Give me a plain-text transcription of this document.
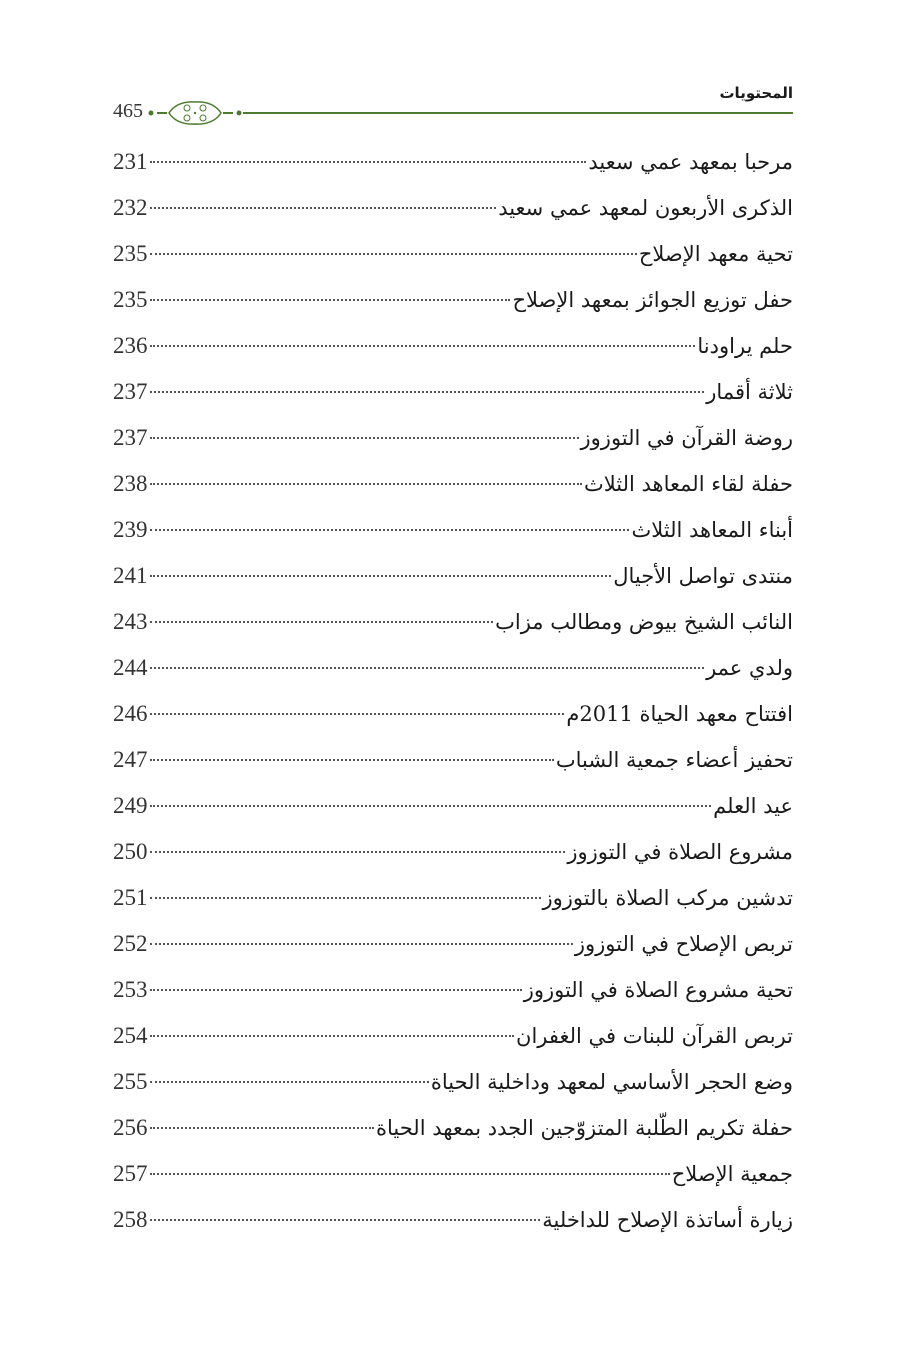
المحتويات
465
مرحبا بمعهد عمي سعيد
231
الذكرى الأربعون لمعهد عمي سعيد
232
تحية معهد الإصلاح
235
حفل توزيع الجوائز بمعهد الإصلاح
235
حلم يراودنا
236
ثلاثة أقمار
237
روضة القرآن في التوزوز
237
حفلة لقاء المعاهد الثلاث
238
أبناء المعاهد الثلاث
239
منتدى تواصل الأجيال
241
النائب الشيخ بيوض ومطالب مزاب
243
ولدي عمر
244
افتتاح معهد الحياة 2011م
246
تحفيز أعضاء جمعية الشباب
247
عيد العلم
249
مشروع الصلاة في التوزوز
250
تدشين مركب الصلاة بالتوزوز
251
تربص الإصلاح في التوزوز
252
تحية مشروع الصلاة في التوزوز
253
تربص القرآن للبنات في الغفران
254
وضع الحجر الأساسي لمعهد وداخلية الحياة
255
حفلة تكريم الطّلبة المتزوّجين الجدد بمعهد الحياة
256
جمعية الإصلاح
257
زيارة أساتذة الإصلاح للداخلية
258
